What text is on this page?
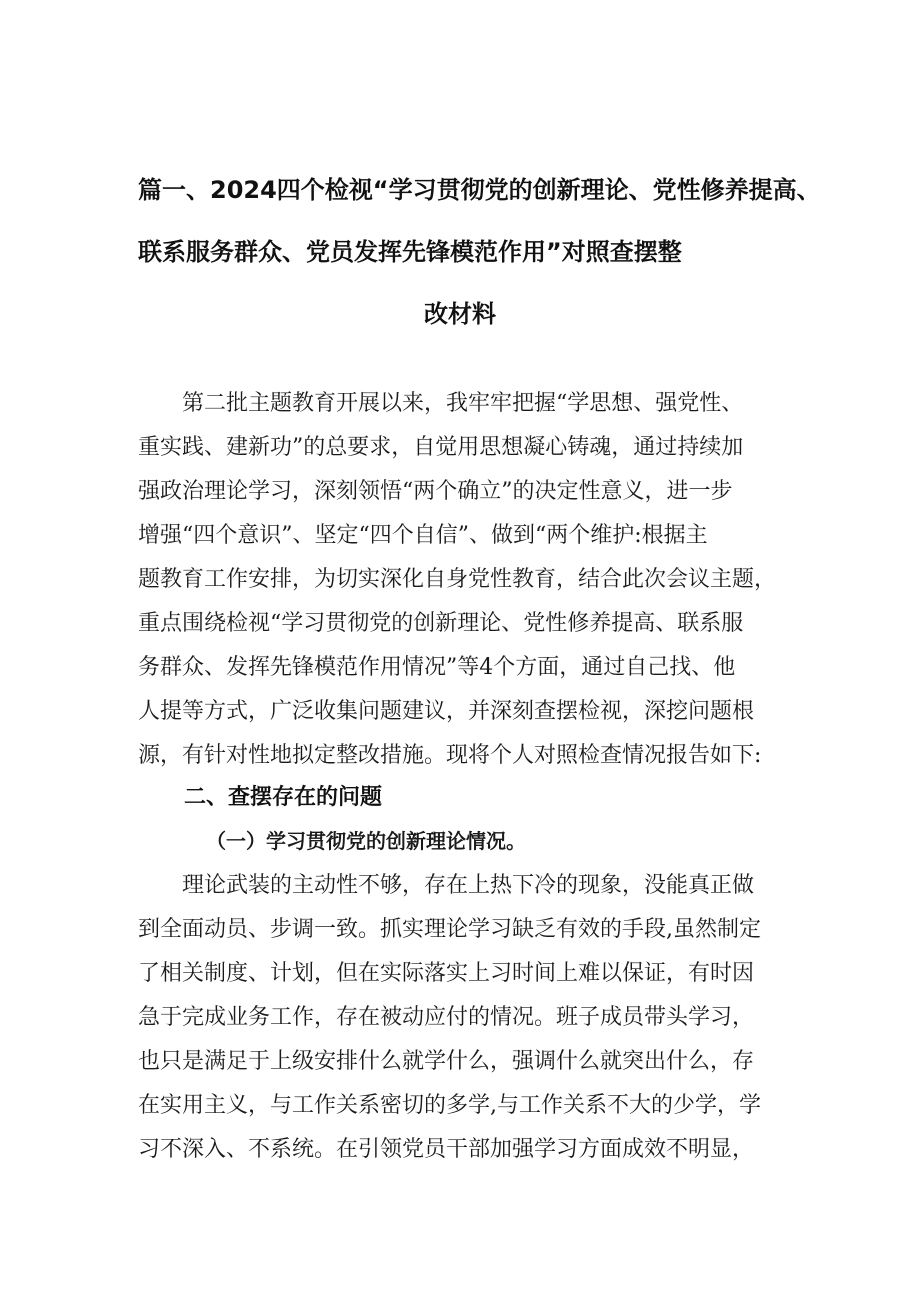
篇一、2024四个检视“学习贯彻党的创新理论、党性修养提高、
联系服务群众、党员发挥先锋模范作用”对照查摆整
改材料

　　第二批主题教育开展以来，我牢牢把握“学思想、强党性、

重实践、建新功”的总要求，自觉用思想凝心铸魂，通过持续加

强政治理论学习，深刻领悟“两个确立”的决定性意义，进一步

增强“四个意识”、坚定“四个自信”、做到“两个维护:根据主

题教育工作安排，为切实深化自身党性教育，结合此次会议主题，

重点围绕检视“学习贯彻党的创新理论、党性修养提高、联系服

务群众、发挥先锋模范作用情况”等4个方面，通过自己找、他

人提等方式，广泛收集问题建议，并深刻查摆检视，深挖问题根

源，有针对性地拟定整改措施。现将个人对照检查情况报告如下:

二、查摆存在的问题
（一）学习贯彻党的创新理论情况。

　　理论武装的主动性不够，存在上热下冷的现象，没能真正做

到全面动员、步调一致。抓实理论学习缺乏有效的手段,虽然制定

了相关制度、计划，但在实际落实上习时间上难以保证，有时因

急于完成业务工作，存在被动应付的情况。班子成员带头学习，

也只是满足于上级安排什么就学什么，强调什么就突出什么，存

在实用主义，与工作关系密切的多学,与工作关系不大的少学，学

习不深入、不系统。在引领党员干部加强学习方面成效不明显，
